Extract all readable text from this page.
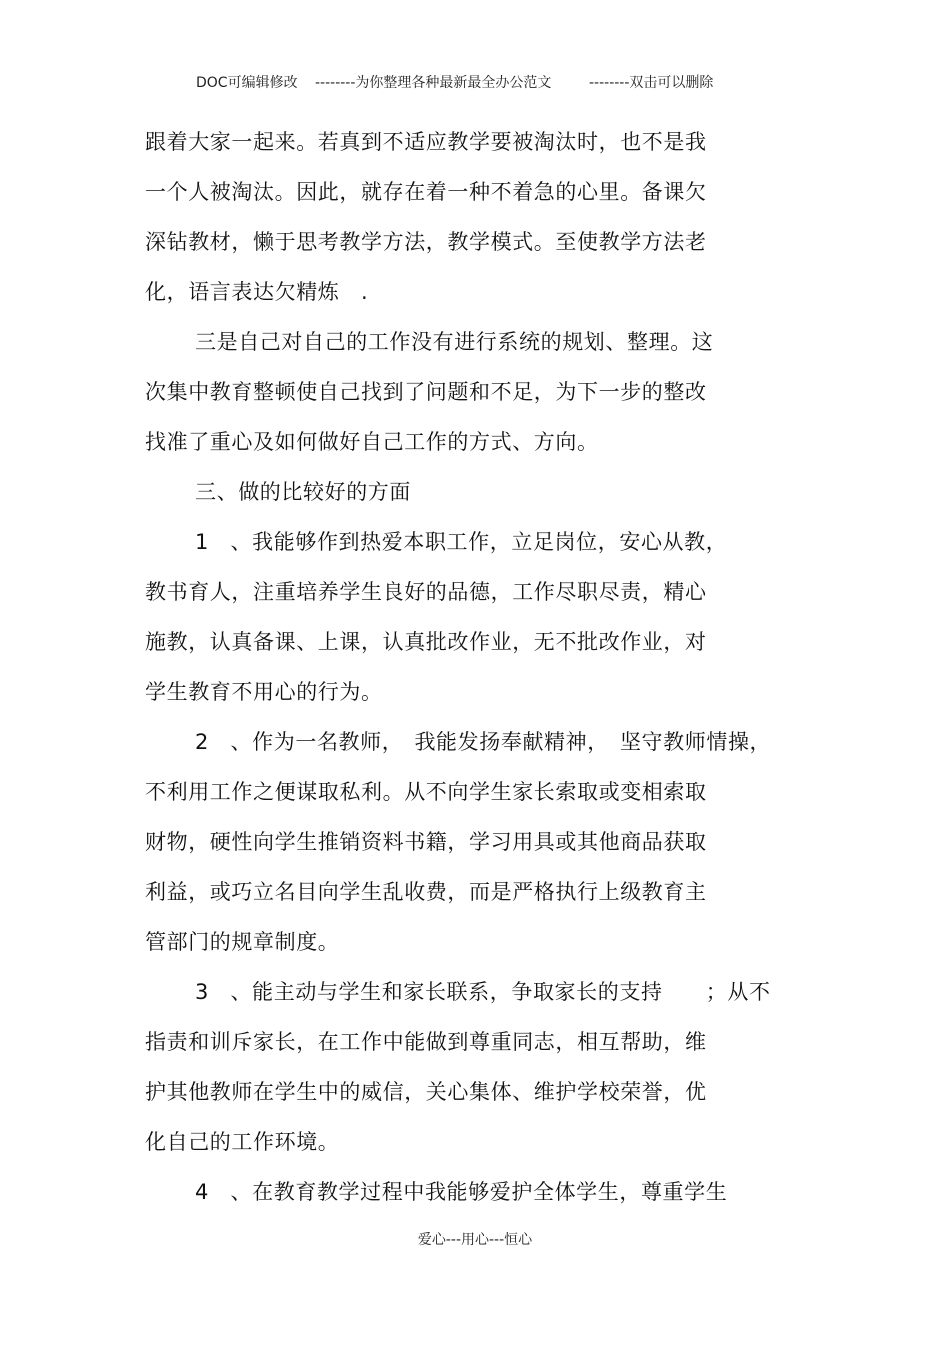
DOC可编辑修改 --------为你整理各种最新最全办公范文	--------双击可以删除
跟着大家一起来。若真到不适应教学要被淘汰时，也不是我
一个人被淘汰。因此，就存在着一种不着急的心里。备课欠
深钻教材，懒于思考教学方法，教学模式。至使教学方法老
化，语言表达欠精炼　.
三是自己对自己的工作没有进行系统的规划、整理。这
次集中教育整顿使自己找到了问题和不足，为下一步的整改
找准了重心及如何做好自己工作的方式、方向。
三、做的比较好的方面
1　、我能够作到热爱本职工作，立足岗位，安心从教，
教书育人，注重培养学生良好的品德，工作尽职尽责，精心
施教，认真备课、上课，认真批改作业，无不批改作业，对
学生教育不用心的行为。
2　、作为一名教师，　我能发扬奉献精神，　坚守教师情操，
不利用工作之便谋取私利。从不向学生家长索取或变相索取
财物，硬性向学生推销资料书籍，学习用具或其他商品获取
利益，或巧立名目向学生乱收费，而是严格执行上级教育主
管部门的规章制度。
3　、能主动与学生和家长联系，争取家长的支持　　；从不
指责和训斥家长，在工作中能做到尊重同志，相互帮助，维
护其他教师在学生中的威信，关心集体、维护学校荣誉，优
化自己的工作环境。
4　、在教育教学过程中我能够爱护全体学生，尊重学生
爱心---用心---恒心
